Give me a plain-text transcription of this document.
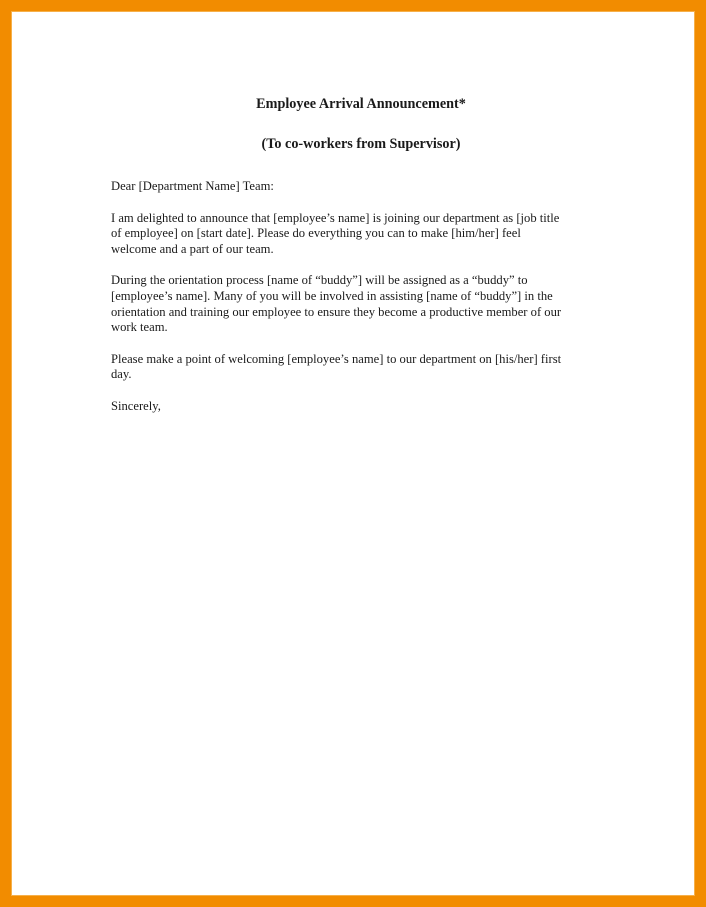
Employee Arrival Announcement*

(To co-workers from Supervisor)

Dear [Department Name] Team:

I am delighted to announce that [employee’s name] is joining our department as [job title
of employee] on [start date]. Please do everything you can to make [him/her] feel
welcome and a part of our team.

During the orientation process [name of “buddy”] will be assigned as a “buddy” to
[employee’s name]. Many of you will be involved in assisting [name of “buddy”] in the
orientation and training our employee to ensure they become a productive member of our
work team.

Please make a point of welcoming [employee’s name] to our department on [his/her] first
day.

Sincerely,
